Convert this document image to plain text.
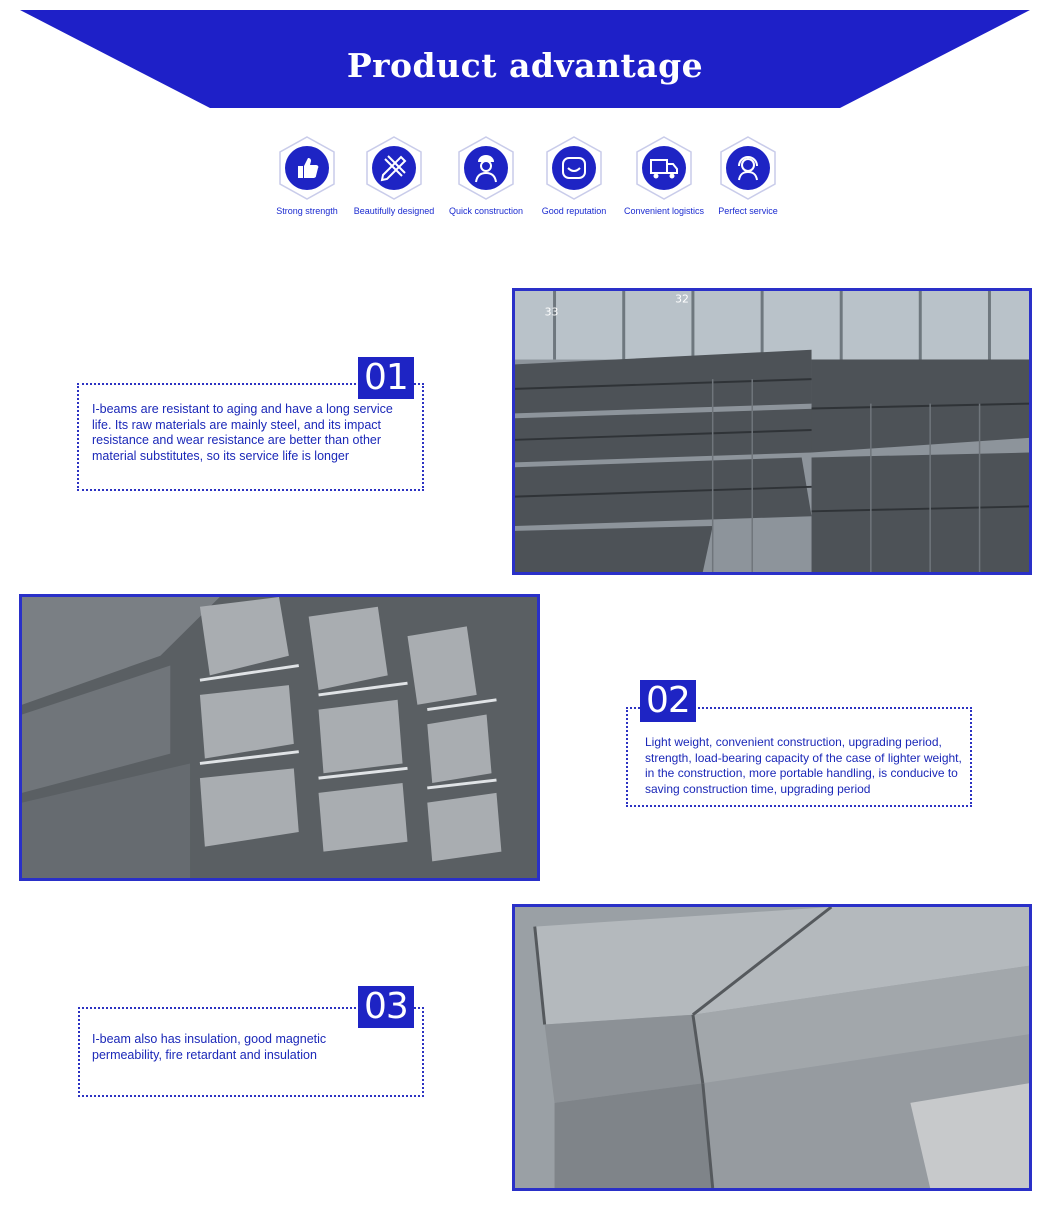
Product advantage
Strong strength	Beautifully designed	Quick construction	Good reputation	Convenient logistics	Perfect service
33
32
01
I-beams are resistant to aging and have a long service life. Its raw materials are mainly steel, and its impact resistance and wear resistance are better than other material substitutes, so its service life is longer
02
Light weight, convenient construction, upgrading period, strength, load-bearing capacity of the case of lighter weight, in the construction, more portable handling, is conducive to saving construction time, upgrading period
03
I-beam also has insulation, good magnetic permeability, fire retardant and insulation
